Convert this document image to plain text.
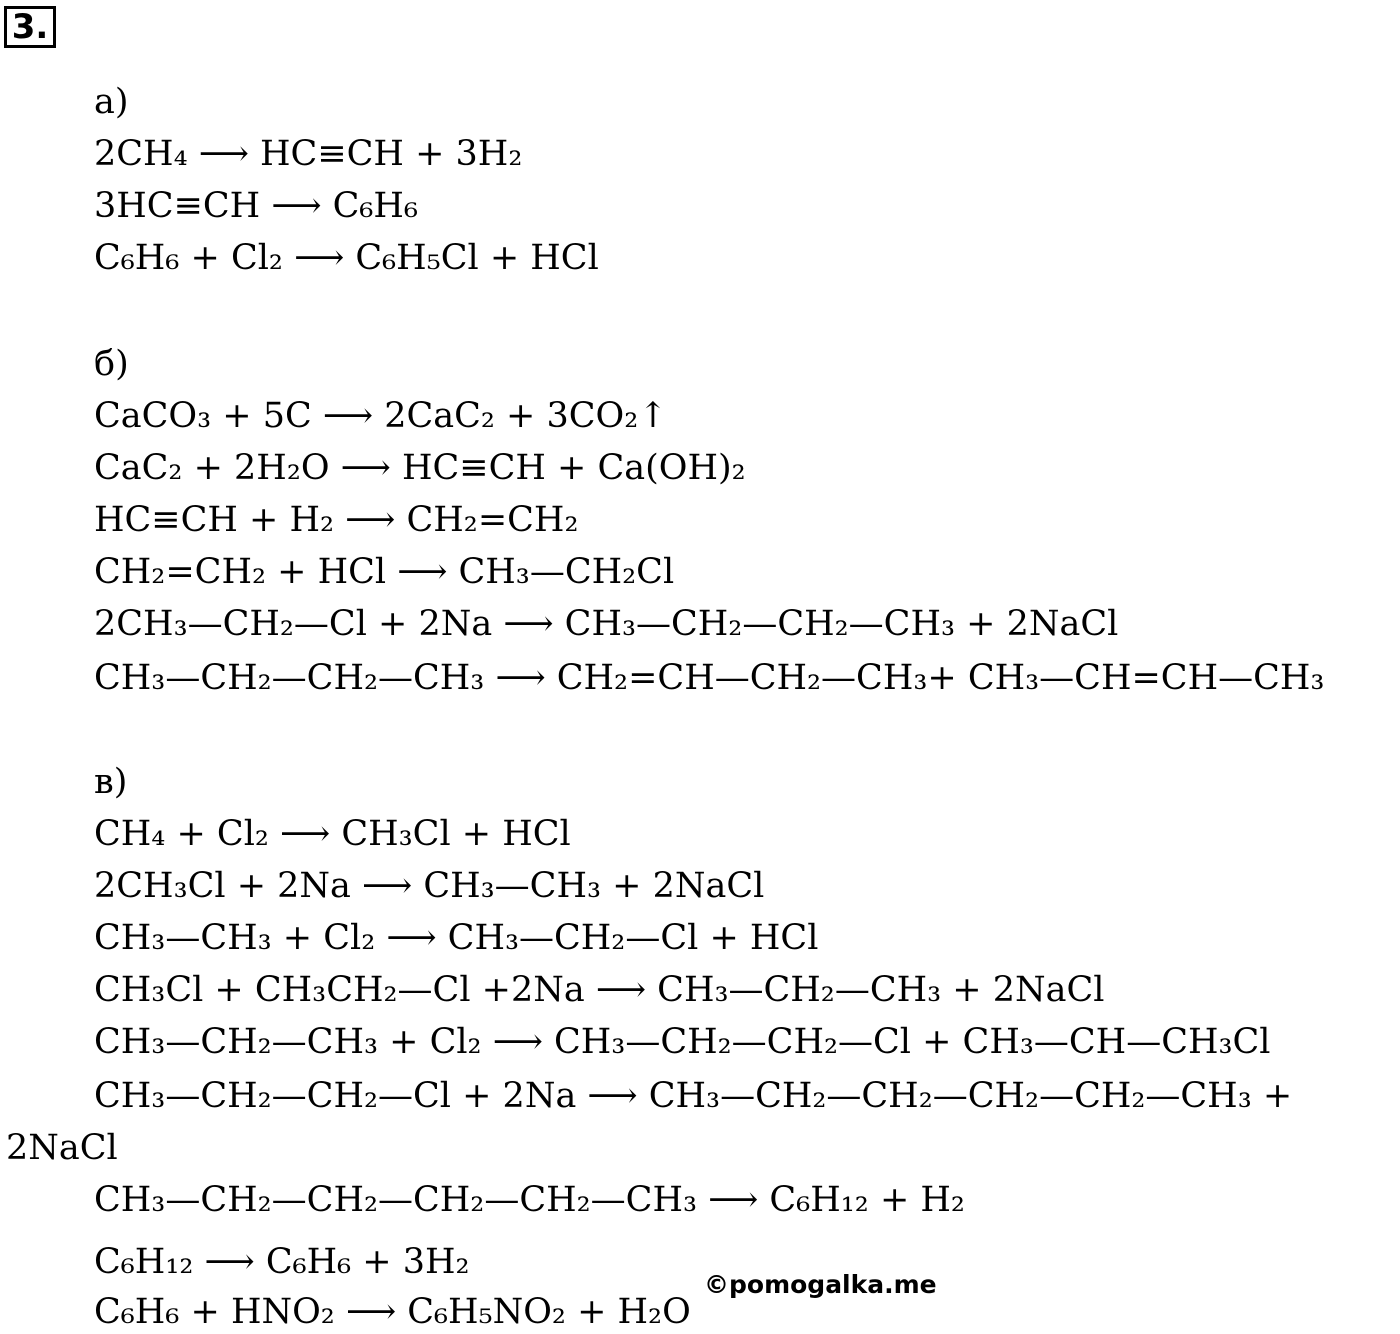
3.
а)
2CH₄ ⟶ HC≡CH + 3H₂
3HC≡CH ⟶ C₆H₆
C₆H₆ + Cl₂ ⟶ C₆H₅Cl + HCl
б)
CaCO₃ + 5C ⟶ 2CaC₂ + 3CO₂↑
CaC₂ + 2H₂O ⟶ HC≡CH + Ca(OH)₂
HC≡CH + H₂ ⟶ CH₂=CH₂
CH₂=CH₂ + HCl ⟶ CH₃—CH₂Cl
2CH₃—CH₂—Cl + 2Na ⟶ CH₃—CH₂—CH₂—CH₃ + 2NaCl
CH₃—CH₂—CH₂—CH₃ ⟶ CH₂=CH—CH₂—CH₃+ CH₃—CH=CH—CH₃
в)
CH₄ + Cl₂ ⟶ CH₃Cl + HCl
2CH₃Cl + 2Na ⟶ CH₃—CH₃ + 2NaCl
CH₃—CH₃ + Cl₂ ⟶ CH₃—CH₂—Cl + HCl
CH₃Cl + CH₃CH₂—Cl +2Na ⟶ CH₃—CH₂—CH₃ + 2NaCl
CH₃—CH₂—CH₃ + Cl₂ ⟶ CH₃—CH₂—CH₂—Cl + CH₃—CH—CH₃Cl
CH₃—CH₂—CH₂—Cl + 2Na ⟶ CH₃—CH₂—CH₂—CH₂—CH₂—CH₃ +
2NaCl
CH₃—CH₂—CH₂—CH₂—CH₂—CH₃ ⟶ C₆H₁₂ + H₂
C₆H₁₂ ⟶ C₆H₆ + 3H₂
C₆H₆ + HNO₂ ⟶ C₆H₅NO₂ + H₂O
©pomogalka.me
